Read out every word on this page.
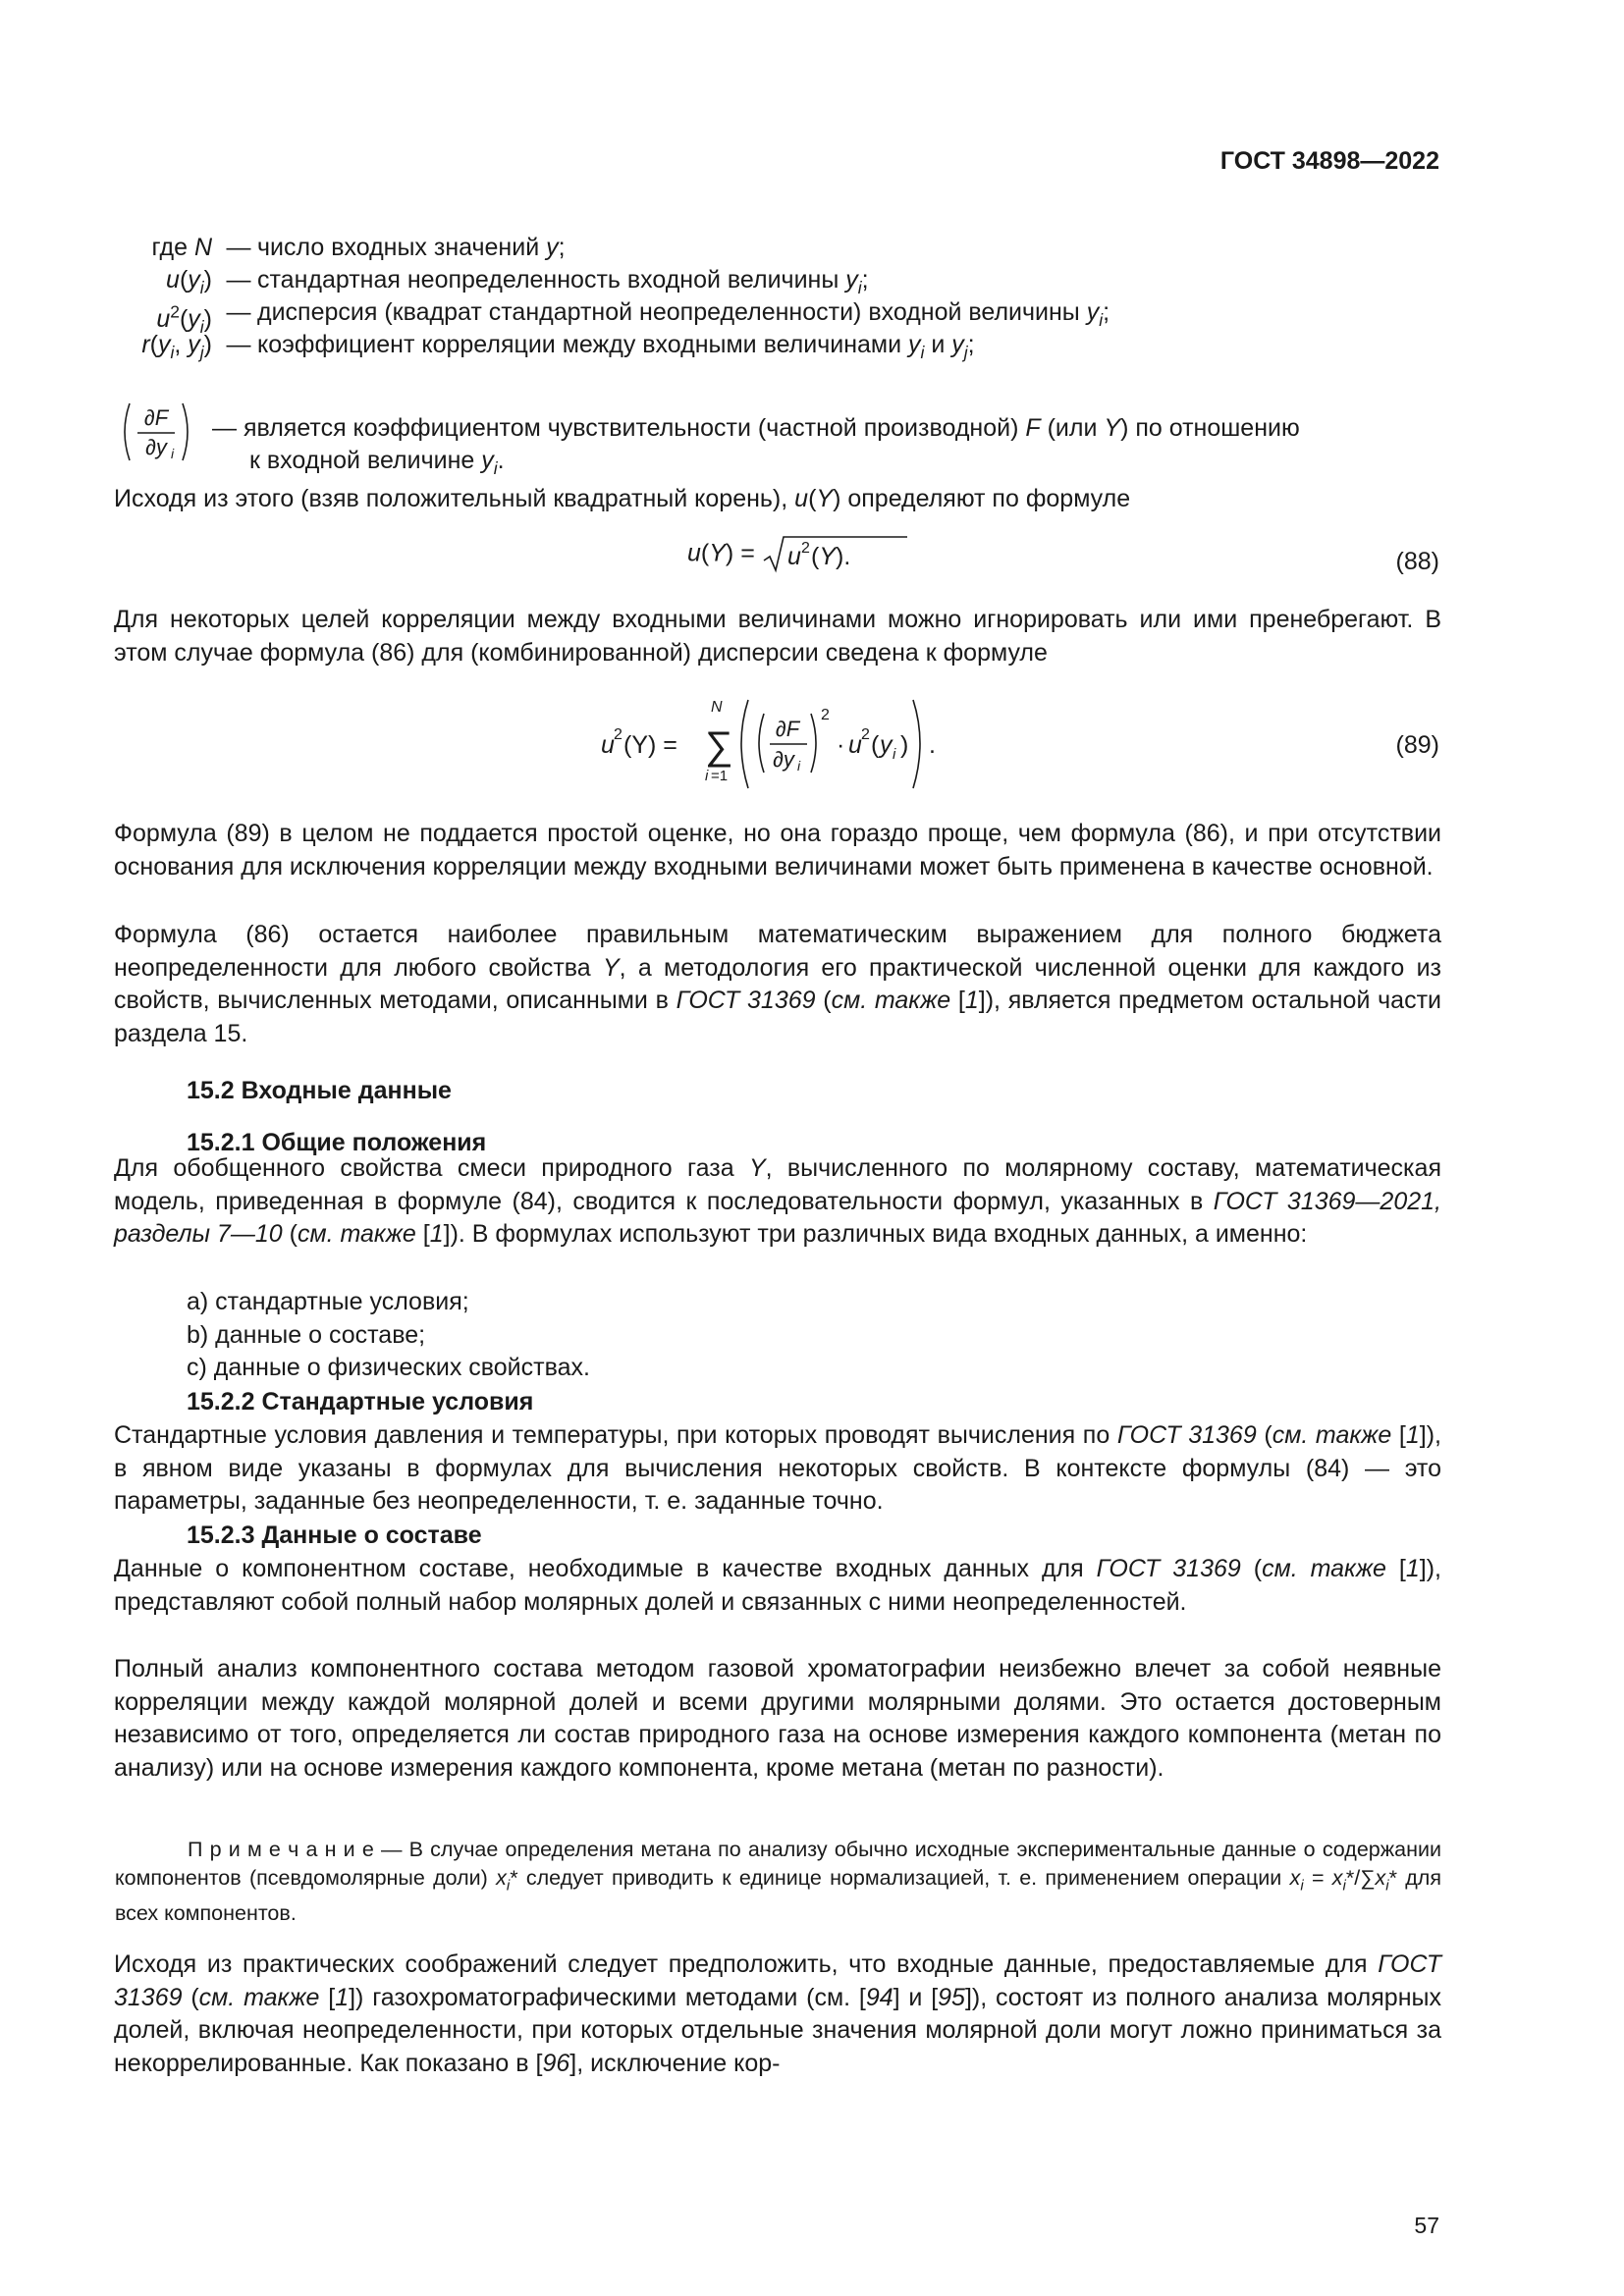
ГОСТ 34898—2022
где N — число входных значений y;
$u(y_i)$ — стандартная неопределенность входной величины $y_i$;
$u^2(y_i)$ — дисперсия (квадрат стандартной неопределенности) входной величины $y_i$;
$r(y_i$, $y_j$) — коэффициент корреляции между входными величинами $y_i$ и $y_j$;
∂F
∂y i
— является коэффициентом чувствительности (частной производной) F (или Y) по отношению
к входной величине $y_i$.
Исходя из этого (взяв положительный квадратный корень), u(Y) определяют по формуле
u(Y) = u 2 (Y).	(88)
Для некоторых целей корреляции между входными величинами можно игнорировать или ими пренебрегают. В этом случае формула (86) для (комбинированной) дисперсии сведена к формуле
u 2 (Y) =
N
∑
i =1
∂F
∂y i
2
· u 2 ( y i ) .	(89)
Формула (89) в целом не поддается простой оценке, но она гораздо проще, чем формула (86), и при отсутствии основания для исключения корреляции между входными величинами может быть применена в качестве основной.
Формула (86) остается наиболее правильным математическим выражением для полного бюджета неопределенности для любого свойства Y, а методология его практической численной оценки для каждого из свойств, вычисленных методами, описанными в ГОСТ 31369 (см. также [1]), является предметом остальной части раздела 15.
15.2 Входные данные
15.2.1 Общие положения
Для обобщенного свойства смеси природного газа Y, вычисленного по молярному составу, математическая модель, приведенная в формуле (84), сводится к последовательности формул, указанных в ГОСТ 31369—2021, разделы 7—10 (см. также [1]). В формулах используют три различных вида входных данных, а именно:
a) стандартные условия;
b) данные о составе;
c) данные о физических свойствах.
15.2.2 Стандартные условия
Стандартные условия давления и температуры, при которых проводят вычисления по ГОСТ 31369 (см. также [1]), в явном виде указаны в формулах для вычисления некоторых свойств. В контексте формулы (84) — это параметры, заданные без неопределенности, т. е. заданные точно.
15.2.3 Данные о составе
Данные о компонентном составе, необходимые в качестве входных данных для ГОСТ 31369 (см. также [1]), представляют собой полный набор молярных долей и связанных с ними неопределенностей.
Полный анализ компонентного состава методом газовой хроматографии неизбежно влечет за собой неявные корреляции между каждой молярной долей и всеми другими молярными долями. Это остается достоверным независимо от того, определяется ли состав природного газа на основе измерения каждого компонента (метан по анализу) или на основе измерения каждого компонента, кроме метана (метан по разности).
П р и м е ч а н и е — В случае определения метана по анализу обычно исходные экспериментальные данные о содержании компонентов (псевдомолярные доли) $x_i*$ следует приводить к единице нормализацией, т. е. применением операции $x_i = x_i*/\sum x_i*$ для всех компонентов.
Исходя из практических соображений следует предположить, что входные данные, предоставляемые для ГОСТ 31369 (см. также [1]) газохроматографическими методами (см. [94] и [95]), состоят из полного анализа молярных долей, включая неопределенности, при которых отдельные значения молярной доли могут ложно приниматься за некоррелированные. Как показано в [96], исключение кор-
57
